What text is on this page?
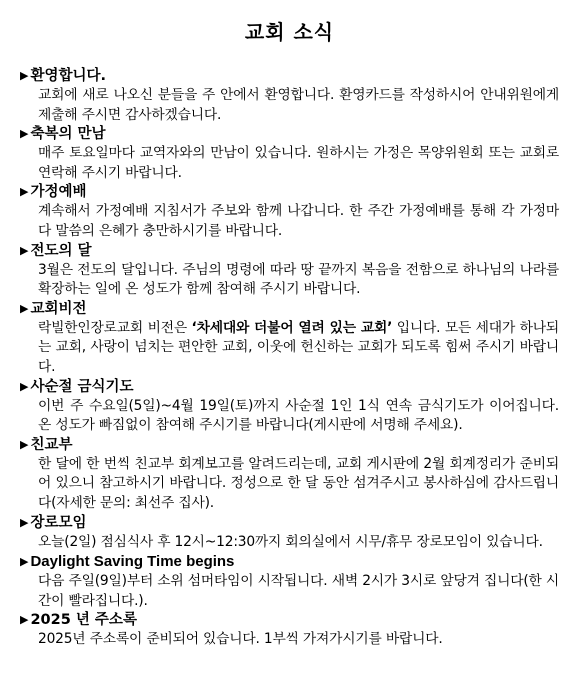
교회 소식
▶ 환영합니다.

교회에 새로 나오신 분들을 주 안에서 환영합니다. 환영카드를 작성하시어 안내위원에게 제출해 주시면 감사하겠습니다.

▶ 축복의 만남

매주 토요일마다 교역자와의 만남이 있습니다. 원하시는 가정은 목양위원회 또는 교회로 연락해 주시기 바랍니다.

▶ 가정예배

계속해서 가정예배 지침서가 주보와 함께 나갑니다. 한 주간 가정예배를 통해 각 가정마다 말씀의 은혜가 충만하시기를 바랍니다.

▶ 전도의 달

3월은 전도의 달입니다. 주님의 명령에 따라 땅 끝까지 복음을 전함으로 하나님의 나라를 확장하는 일에 온 성도가 함께 참여해 주시기 바랍니다.

▶ 교회비전

락빌한인장로교회 비전은 ‘차세대와 더불어 열려 있는 교회’ 입니다. 모든 세대가 하나되는 교회, 사랑이 넘치는 편안한 교회, 이웃에 헌신하는 교회가 되도록 힘써 주시기 바랍니다.

▶ 사순절 금식기도

이번 주 수요일(5일)~4월 19일(토)까지 사순절 1인 1식 연속 금식기도가 이어집니다. 온 성도가 빠짐없이 참여해 주시기를 바랍니다(게시판에 서명해 주세요).

▶ 친교부

한 달에 한 번씩 친교부 회계보고를 알려드리는데, 교회 게시판에 2월 회계정리가 준비되어 있으니 참고하시기 바랍니다. 정성으로 한 달 동안 섬겨주시고 봉사하심에 감사드립니다(자세한 문의: 최선주 집사).

▶ 장로모임

오늘(2일) 점심식사 후 12시~12:30까지 회의실에서 시무/휴무 장로모임이 있습니다.

▶ Daylight Saving Time begins

다음 주일(9일)부터 소위 섬머타임이 시작됩니다. 새벽 2시가 3시로 앞당겨 집니다(한 시간이 빨라집니다.).

▶ 2025 년 주소록

2025년 주소록이 준비되어 있습니다. 1부씩 가져가시기를 바랍니다.
